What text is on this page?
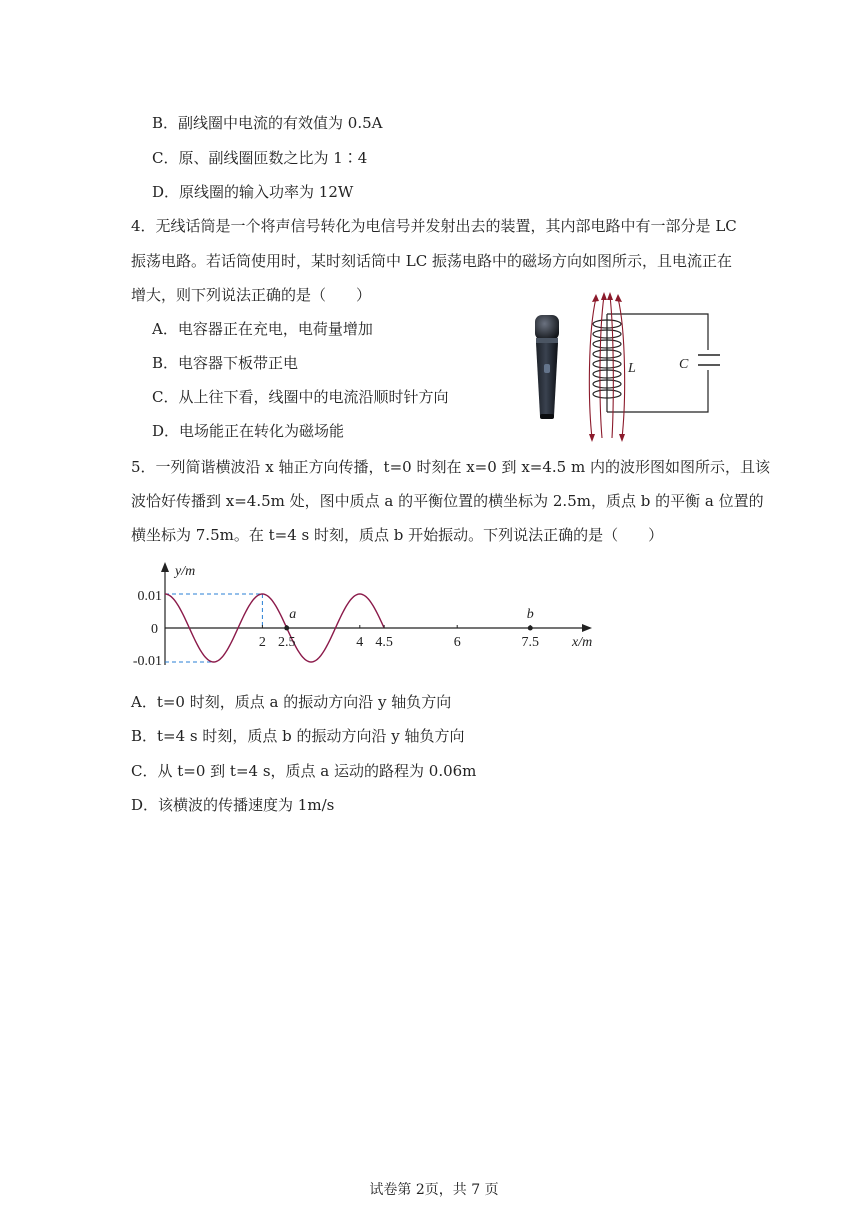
B．副线圈中电流的有效值为 0.5A
C．原、副线圈匝数之比为 1∶4
D．原线圈的输入功率为 12W
4．无线话筒是一个将声信号转化为电信号并发射出去的装置，其内部电路中有一部分是 LC
振荡电路。若话筒使用时，某时刻话筒中 LC 振荡电路中的磁场方向如图所示，且电流正在
增大，则下列说法正确的是（　　）
A．电容器正在充电，电荷量增加
B．电容器下板带正电
C．从上往下看，线圈中的电流沿顺时针方向
D．电场能正在转化为磁场能
L	C
5．一列简谐横波沿 x 轴正方向传播，t=0 时刻在 x=0 到 x=4.5 m 内的波形图如图所示，且该
波恰好传播到 x=4.5m 处，图中质点 a 的平衡位置的横坐标为 2.5m，质点 b 的平衡 a 位置的
横坐标为 7.5m。在 t=4 s 时刻，质点 b 开始振动。下列说法正确的是（　　）
y/m
x/m
0.01
0
-0.01
2 2.5	4 4.5	6	7.5
a	b
A．t=0 时刻，质点 a 的振动方向沿 y 轴负方向
B．t=4 s 时刻，质点 b 的振动方向沿 y 轴负方向
C．从 t=0 到 t=4 s，质点 a 运动的路程为 0.06m
D．该横波的传播速度为 1m/s
试卷第 2页，共 7 页
